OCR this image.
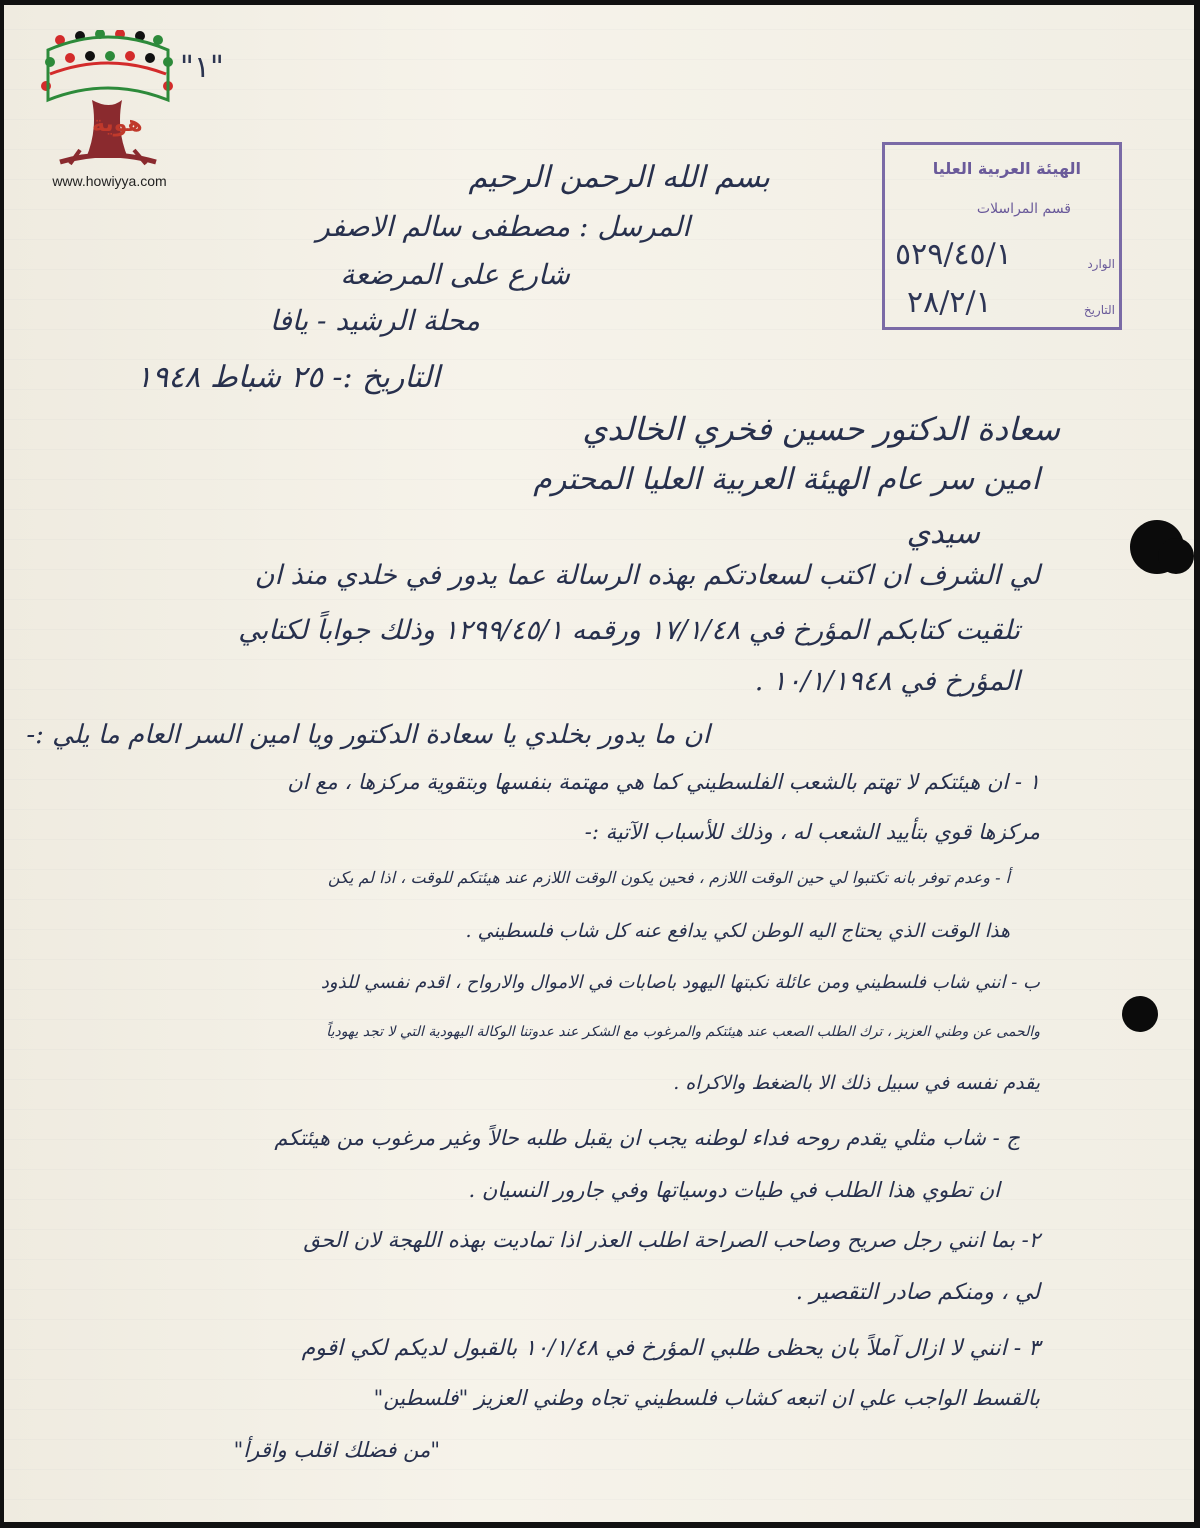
هوية
www.howiyya.com
"١"
الهيئة العربية العليا
قسم المراسلات
الوارد
٥٢٩/٤٥/١
التاريخ
٢٨/٢/١
بسم الله الرحمن الرحيم
المرسل : مصطفى سالم الاصفر
شارع على المرضعة
محلة الرشيد - يافا
التاريخ :- ٢٥ شباط ١٩٤٨
سعادة الدكتور حسين فخري الخالدي
امين سر عام الهيئة العربية العليا المحترم
سيدي
لي الشرف ان اكتب لسعادتكم بهذه الرسالة عما يدور في خلدي منذ ان
تلقيت كتابكم المؤرخ في ١٧/١/٤٨ ورقمه ١٢٩٩/٤٥/١ وذلك جواباً لكتابي
المؤرخ في ١٠/١/١٩٤٨ .
ان ما يدور بخلدي يا سعادة الدكتور ويا امين السر العام ما يلي :-
١ - ان هيئتكم لا تهتم بالشعب الفلسطيني كما هي مهتمة بنفسها وبتقوية مركزها ، مع ان
مركزها قوي بتأييد الشعب له ، وذلك للأسباب الآتية :-
أ - وعدم توفر بانه تكتبوا لي حين الوقت اللازم ، فحين يكون الوقت اللازم عند هيئتكم للوقت ، اذا لم يكن
هذا الوقت الذي يحتاج اليه الوطن لكي يدافع عنه كل شاب فلسطيني .
ب - انني شاب فلسطيني ومن عائلة نكبتها اليهود باصابات في الاموال والارواح ، اقدم نفسي للذود
والحمى عن وطني العزيز ، ترك الطلب الصعب عند هيئتكم والمرغوب مع الشكر عند عدوتنا الوكالة اليهودية التي لا تجد يهودياً
يقدم نفسه في سبيل ذلك الا بالضغط والاكراه .
ج - شاب مثلي يقدم روحه فداء لوطنه يجب ان يقبل طلبه حالاً وغير مرغوب من هيئتكم
ان تطوي هذا الطلب في طيات دوسياتها وفي جارور النسيان .
٢- بما انني رجل صريح وصاحب الصراحة اطلب العذر اذا تماديت بهذه اللهجة لان الحق
لي ، ومنكم صادر التقصير .
٣ - انني لا ازال آملاً بان يحظى طلبي المؤرخ في ١٠/١/٤٨ بالقبول لديكم لكي اقوم
بالقسط الواجب علي ان اتبعه كشاب فلسطيني تجاه وطني العزيز "فلسطين"
"من فضلك اقلب واقرأ"
